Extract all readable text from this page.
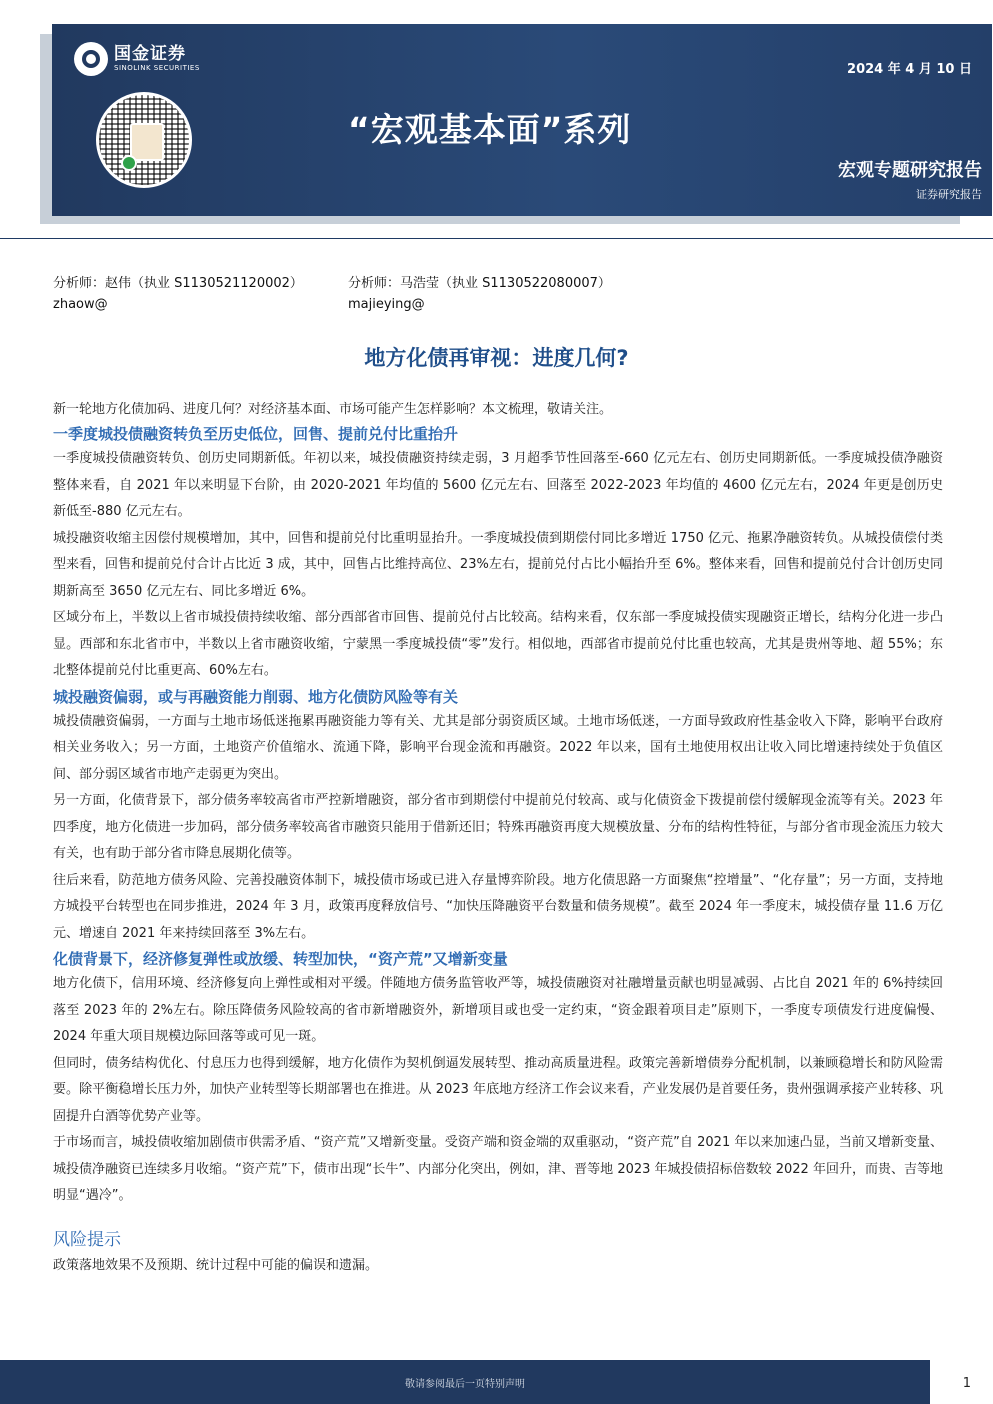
国金证券
SINOLINK SECURITIES	2024 年 4 月 10 日
“宏观基本面”系列
宏观专题研究报告
证券研究报告
分析师：赵伟（执业 S1130521120002）
zhaow@
分析师：马浩莹（执业 S1130522080007）
majieying@
地方化债再审视：进度几何?

新一轮地方化债加码、进度几何？对经济基本面、市场可能产生怎样影响？本文梳理，敬请关注。

一季度城投债融资转负至历史低位，回售、提前兑付比重抬升

一季度城投债融资转负、创历史同期新低。年初以来，城投债融资持续走弱，3 月超季节性回落至-660 亿元左右、创历史同期新低。一季度城投债净融资整体来看，自 2021 年以来明显下台阶，由 2020-2021 年均值的 5600 亿元左右、回落至 2022-2023 年均值的 4600 亿元左右，2024 年更是创历史新低至-880 亿元左右。

城投融资收缩主因偿付规模增加，其中，回售和提前兑付比重明显抬升。一季度城投债到期偿付同比多增近 1750 亿元、拖累净融资转负。从城投债偿付类型来看，回售和提前兑付合计占比近 3 成，其中，回售占比维持高位、23%左右，提前兑付占比小幅抬升至 6%。整体来看，回售和提前兑付合计创历史同期新高至 3650 亿元左右、同比多增近 6%。

区域分布上，半数以上省市城投债持续收缩、部分西部省市回售、提前兑付占比较高。结构来看，仅东部一季度城投债实现融资正增长，结构分化进一步凸显。西部和东北省市中，半数以上省市融资收缩，宁蒙黑一季度城投债“零”发行。相似地，西部省市提前兑付比重也较高，尤其是贵州等地、超 55%；东北整体提前兑付比重更高、60%左右。

城投融资偏弱，或与再融资能力削弱、地方化债防风险等有关

城投债融资偏弱，一方面与土地市场低迷拖累再融资能力等有关、尤其是部分弱资质区域。土地市场低迷，一方面导致政府性基金收入下降，影响平台政府相关业务收入；另一方面，土地资产价值缩水、流通下降，影响平台现金流和再融资。2022 年以来，国有土地使用权出让收入同比增速持续处于负值区间、部分弱区域省市地产走弱更为突出。

另一方面，化债背景下，部分债务率较高省市严控新增融资，部分省市到期偿付中提前兑付较高、或与化债资金下拨提前偿付缓解现金流等有关。2023 年四季度，地方化债进一步加码，部分债务率较高省市融资只能用于借新还旧；特殊再融资再度大规模放量、分布的结构性特征，与部分省市现金流压力较大有关，也有助于部分省市降息展期化债等。

往后来看，防范地方债务风险、完善投融资体制下，城投债市场或已进入存量博弈阶段。地方化债思路一方面聚焦“控增量”、“化存量”；另一方面，支持地方城投平台转型也在同步推进，2024 年 3 月，政策再度释放信号、“加快压降融资平台数量和债务规模”。截至 2024 年一季度末，城投债存量 11.6 万亿元、增速自 2021 年来持续回落至 3%左右。

化债背景下，经济修复弹性或放缓、转型加快，“资产荒”又增新变量

地方化债下，信用环境、经济修复向上弹性或相对平缓。伴随地方债务监管收严等，城投债融资对社融增量贡献也明显减弱、占比自 2021 年的 6%持续回落至 2023 年的 2%左右。除压降债务风险较高的省市新增融资外，新增项目或也受一定约束，“资金跟着项目走”原则下，一季度专项债发行进度偏慢、2024 年重大项目规模边际回落等或可见一斑。

但同时，债务结构优化、付息压力也得到缓解，地方化债作为契机倒逼发展转型、推动高质量进程。政策完善新增债券分配机制，以兼顾稳增长和防风险需要。除平衡稳增长压力外，加快产业转型等长期部署也在推进。从 2023 年底地方经济工作会议来看，产业发展仍是首要任务，贵州强调承接产业转移、巩固提升白酒等优势产业等。

于市场而言，城投债收缩加剧债市供需矛盾、“资产荒”又增新变量。受资产端和资金端的双重驱动，“资产荒”自 2021 年以来加速凸显，当前又增新变量、城投债净融资已连续多月收缩。“资产荒”下，债市出现“长牛”、内部分化突出，例如，津、晋等地 2023 年城投债招标倍数较 2022 年回升，而贵、吉等地明显“遇冷”。

风险提示

政策落地效果不及预期、统计过程中可能的偏误和遗漏。

敬请参阅最后一页特别声明	1
